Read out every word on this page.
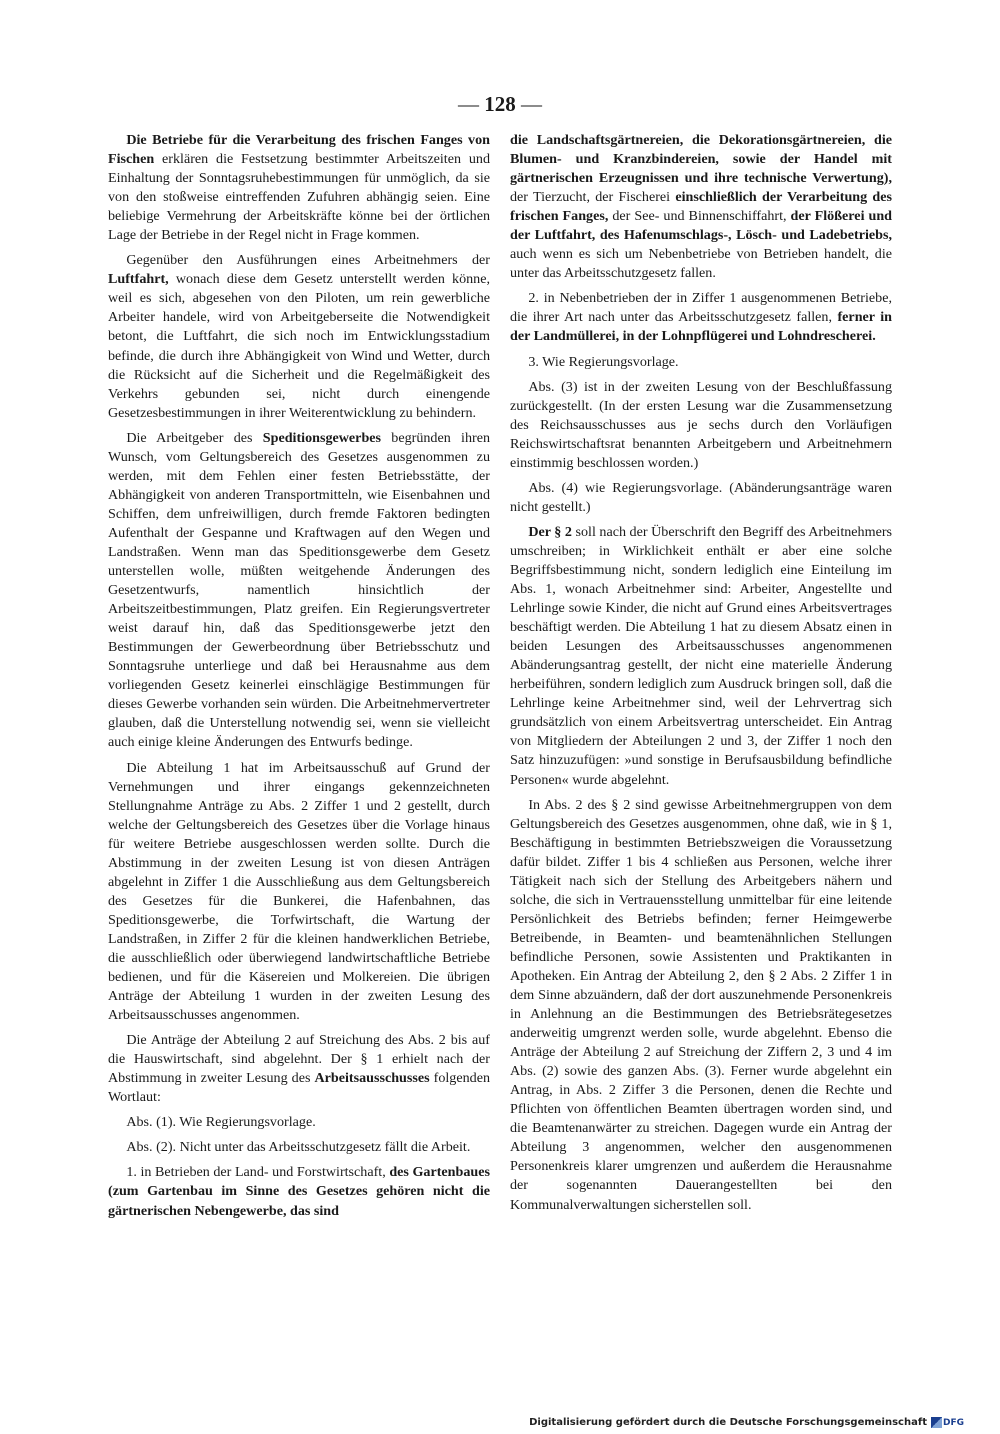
— 128 —

Die Betriebe für die Verarbeitung des frischen Fanges von Fischen erklären die Festsetzung bestimmter Arbeitszeiten und Einhaltung der Sonntagsruhebestimmungen für unmöglich, da sie von den stoßweise eintreffenden Zufuhren abhängig seien. Eine beliebige Vermehrung der Arbeitskräfte könne bei der örtlichen Lage der Betriebe in der Regel nicht in Frage kommen.

Gegenüber den Ausführungen eines Arbeitnehmers der Luftfahrt, wonach diese dem Gesetz unterstellt werden könne, weil es sich, abgesehen von den Piloten, um rein gewerbliche Arbeiter handele, wird von Arbeitgeberseite die Notwendigkeit betont, die Luftfahrt, die sich noch im Entwicklungsstadium befinde, die durch ihre Abhängigkeit von Wind und Wetter, durch die Rücksicht auf die Sicherheit und die Regelmäßigkeit des Verkehrs gebunden sei, nicht durch einengende Gesetzesbestimmungen in ihrer Weiterentwicklung zu behindern.

Die Arbeitgeber des Speditionsgewerbes begründen ihren Wunsch, vom Geltungsbereich des Gesetzes ausgenommen zu werden, mit dem Fehlen einer festen Betriebsstätte, der Abhängigkeit von anderen Transportmitteln, wie Eisenbahnen und Schiffen, dem unfreiwilligen, durch fremde Faktoren bedingten Aufenthalt der Gespanne und Kraftwagen auf den Wegen und Landstraßen. Wenn man das Speditionsgewerbe dem Gesetz unterstellen wolle, müßten weitgehende Änderungen des Gesetzentwurfs, namentlich hinsichtlich der Arbeitszeitbestimmungen, Platz greifen. Ein Regierungsvertreter weist darauf hin, daß das Speditionsgewerbe jetzt den Bestimmungen der Gewerbeordnung über Betriebsschutz und Sonntagsruhe unterliege und daß bei Herausnahme aus dem vorliegenden Gesetz keinerlei einschlägige Bestimmungen für dieses Gewerbe vorhanden sein würden. Die Arbeitnehmervertreter glauben, daß die Unterstellung notwendig sei, wenn sie vielleicht auch einige kleine Änderungen des Entwurfs bedinge.

Die Abteilung 1 hat im Arbeitsausschuß auf Grund der Vernehmungen und ihrer eingangs gekennzeichneten Stellungnahme Anträge zu Abs. 2 Ziffer 1 und 2 gestellt, durch welche der Geltungsbereich des Gesetzes über die Vorlage hinaus für weitere Betriebe ausgeschlossen werden sollte. Durch die Abstimmung in der zweiten Lesung ist von diesen Anträgen abgelehnt in Ziffer 1 die Ausschließung aus dem Geltungsbereich des Gesetzes für die Bunkerei, die Hafenbahnen, das Speditionsgewerbe, die Torfwirtschaft, die Wartung der Landstraßen, in Ziffer 2 für die kleinen handwerklichen Betriebe, die ausschließlich oder überwiegend landwirtschaftliche Betriebe bedienen, und für die Käsereien und Molkereien. Die übrigen Anträge der Abteilung 1 wurden in der zweiten Lesung des Arbeitsausschusses angenommen.

Die Anträge der Abteilung 2 auf Streichung des Abs. 2 bis auf die Hauswirtschaft, sind abgelehnt. Der § 1 erhielt nach der Abstimmung in zweiter Lesung des Arbeitsausschusses folgenden Wortlaut:

Abs. (1). Wie Regierungsvorlage.

Abs. (2). Nicht unter das Arbeitsschutzgesetz fällt die Arbeit.

1. in Betrieben der Land- und Forstwirtschaft, des Gartenbaues (zum Gartenbau im Sinne des Gesetzes gehören nicht die gärtnerischen Nebengewerbe, das sind

die Landschaftsgärtnereien, die Dekorationsgärtnereien, die Blumen- und Kranzbindereien, sowie der Handel mit gärtnerischen Erzeugnissen und ihre technische Verwertung), der Tierzucht, der Fischerei einschließlich der Verarbeitung des frischen Fanges, der See- und Binnenschiffahrt, der Flößerei und der Luftfahrt, des Hafenumschlags-, Lösch- und Ladebetriebs, auch wenn es sich um Nebenbetriebe von Betrieben handelt, die unter das Arbeitsschutzgesetz fallen.

2. in Nebenbetrieben der in Ziffer 1 ausgenommenen Betriebe, die ihrer Art nach unter das Arbeitsschutzgesetz fallen, ferner in der Landmüllerei, in der Lohnpflügerei und Lohndrescherei.

3. Wie Regierungsvorlage.

Abs. (3) ist in der zweiten Lesung von der Beschlußfassung zurückgestellt. (In der ersten Lesung war die Zusammensetzung des Reichsausschusses aus je sechs durch den Vorläufigen Reichswirtschaftsrat benannten Arbeitgebern und Arbeitnehmern einstimmig beschlossen worden.)

Abs. (4) wie Regierungsvorlage. (Abänderungsanträge waren nicht gestellt.)

Der § 2 soll nach der Überschrift den Begriff des Arbeitnehmers umschreiben; in Wirklichkeit enthält er aber eine solche Begriffsbestimmung nicht, sondern lediglich eine Einteilung im Abs. 1, wonach Arbeitnehmer sind: Arbeiter, Angestellte und Lehrlinge sowie Kinder, die nicht auf Grund eines Arbeitsvertrages beschäftigt werden. Die Abteilung 1 hat zu diesem Absatz einen in beiden Lesungen des Arbeitsausschusses angenommenen Abänderungsantrag gestellt, der nicht eine materielle Änderung herbeiführen, sondern lediglich zum Ausdruck bringen soll, daß die Lehrlinge keine Arbeitnehmer sind, weil der Lehrvertrag sich grundsätzlich von einem Arbeitsvertrag unterscheidet. Ein Antrag von Mitgliedern der Abteilungen 2 und 3, der Ziffer 1 noch den Satz hinzuzufügen: »und sonstige in Berufsausbildung befindliche Personen« wurde abgelehnt.

In Abs. 2 des § 2 sind gewisse Arbeitnehmergruppen von dem Geltungsbereich des Gesetzes ausgenommen, ohne daß, wie in § 1, Beschäftigung in bestimmten Betriebszweigen die Voraussetzung dafür bildet. Ziffer 1 bis 4 schließen aus Personen, welche ihrer Tätigkeit nach sich der Stellung des Arbeitgebers nähern und solche, die sich in Vertrauensstellung unmittelbar für eine leitende Persönlichkeit des Betriebs befinden; ferner Heimgewerbe Betreibende, in Beamten- und beamtenähnlichen Stellungen befindliche Personen, sowie Assistenten und Praktikanten in Apotheken. Ein Antrag der Abteilung 2, den § 2 Abs. 2 Ziffer 1 in dem Sinne abzuändern, daß der dort auszunehmende Personenkreis in Anlehnung an die Bestimmungen des Betriebsrätegesetzes anderweitig umgrenzt werden solle, wurde abgelehnt. Ebenso die Anträge der Abteilung 2 auf Streichung der Ziffern 2, 3 und 4 im Abs. (2) sowie des ganzen Abs. (3). Ferner wurde abgelehnt ein Antrag, in Abs. 2 Ziffer 3 die Personen, denen die Rechte und Pflichten von öffentlichen Beamten übertragen worden sind, und die Beamtenanwärter zu streichen. Dagegen wurde ein Antrag der Abteilung 3 angenommen, welcher den ausgenommenen Personenkreis klarer umgrenzen und außerdem die Herausnahme der sogenannten Dauerangestellten bei den Kommunalverwaltungen sicherstellen soll.

Digitalisierung gefördert durch die Deutsche Forschungsgemeinschaft DFG
